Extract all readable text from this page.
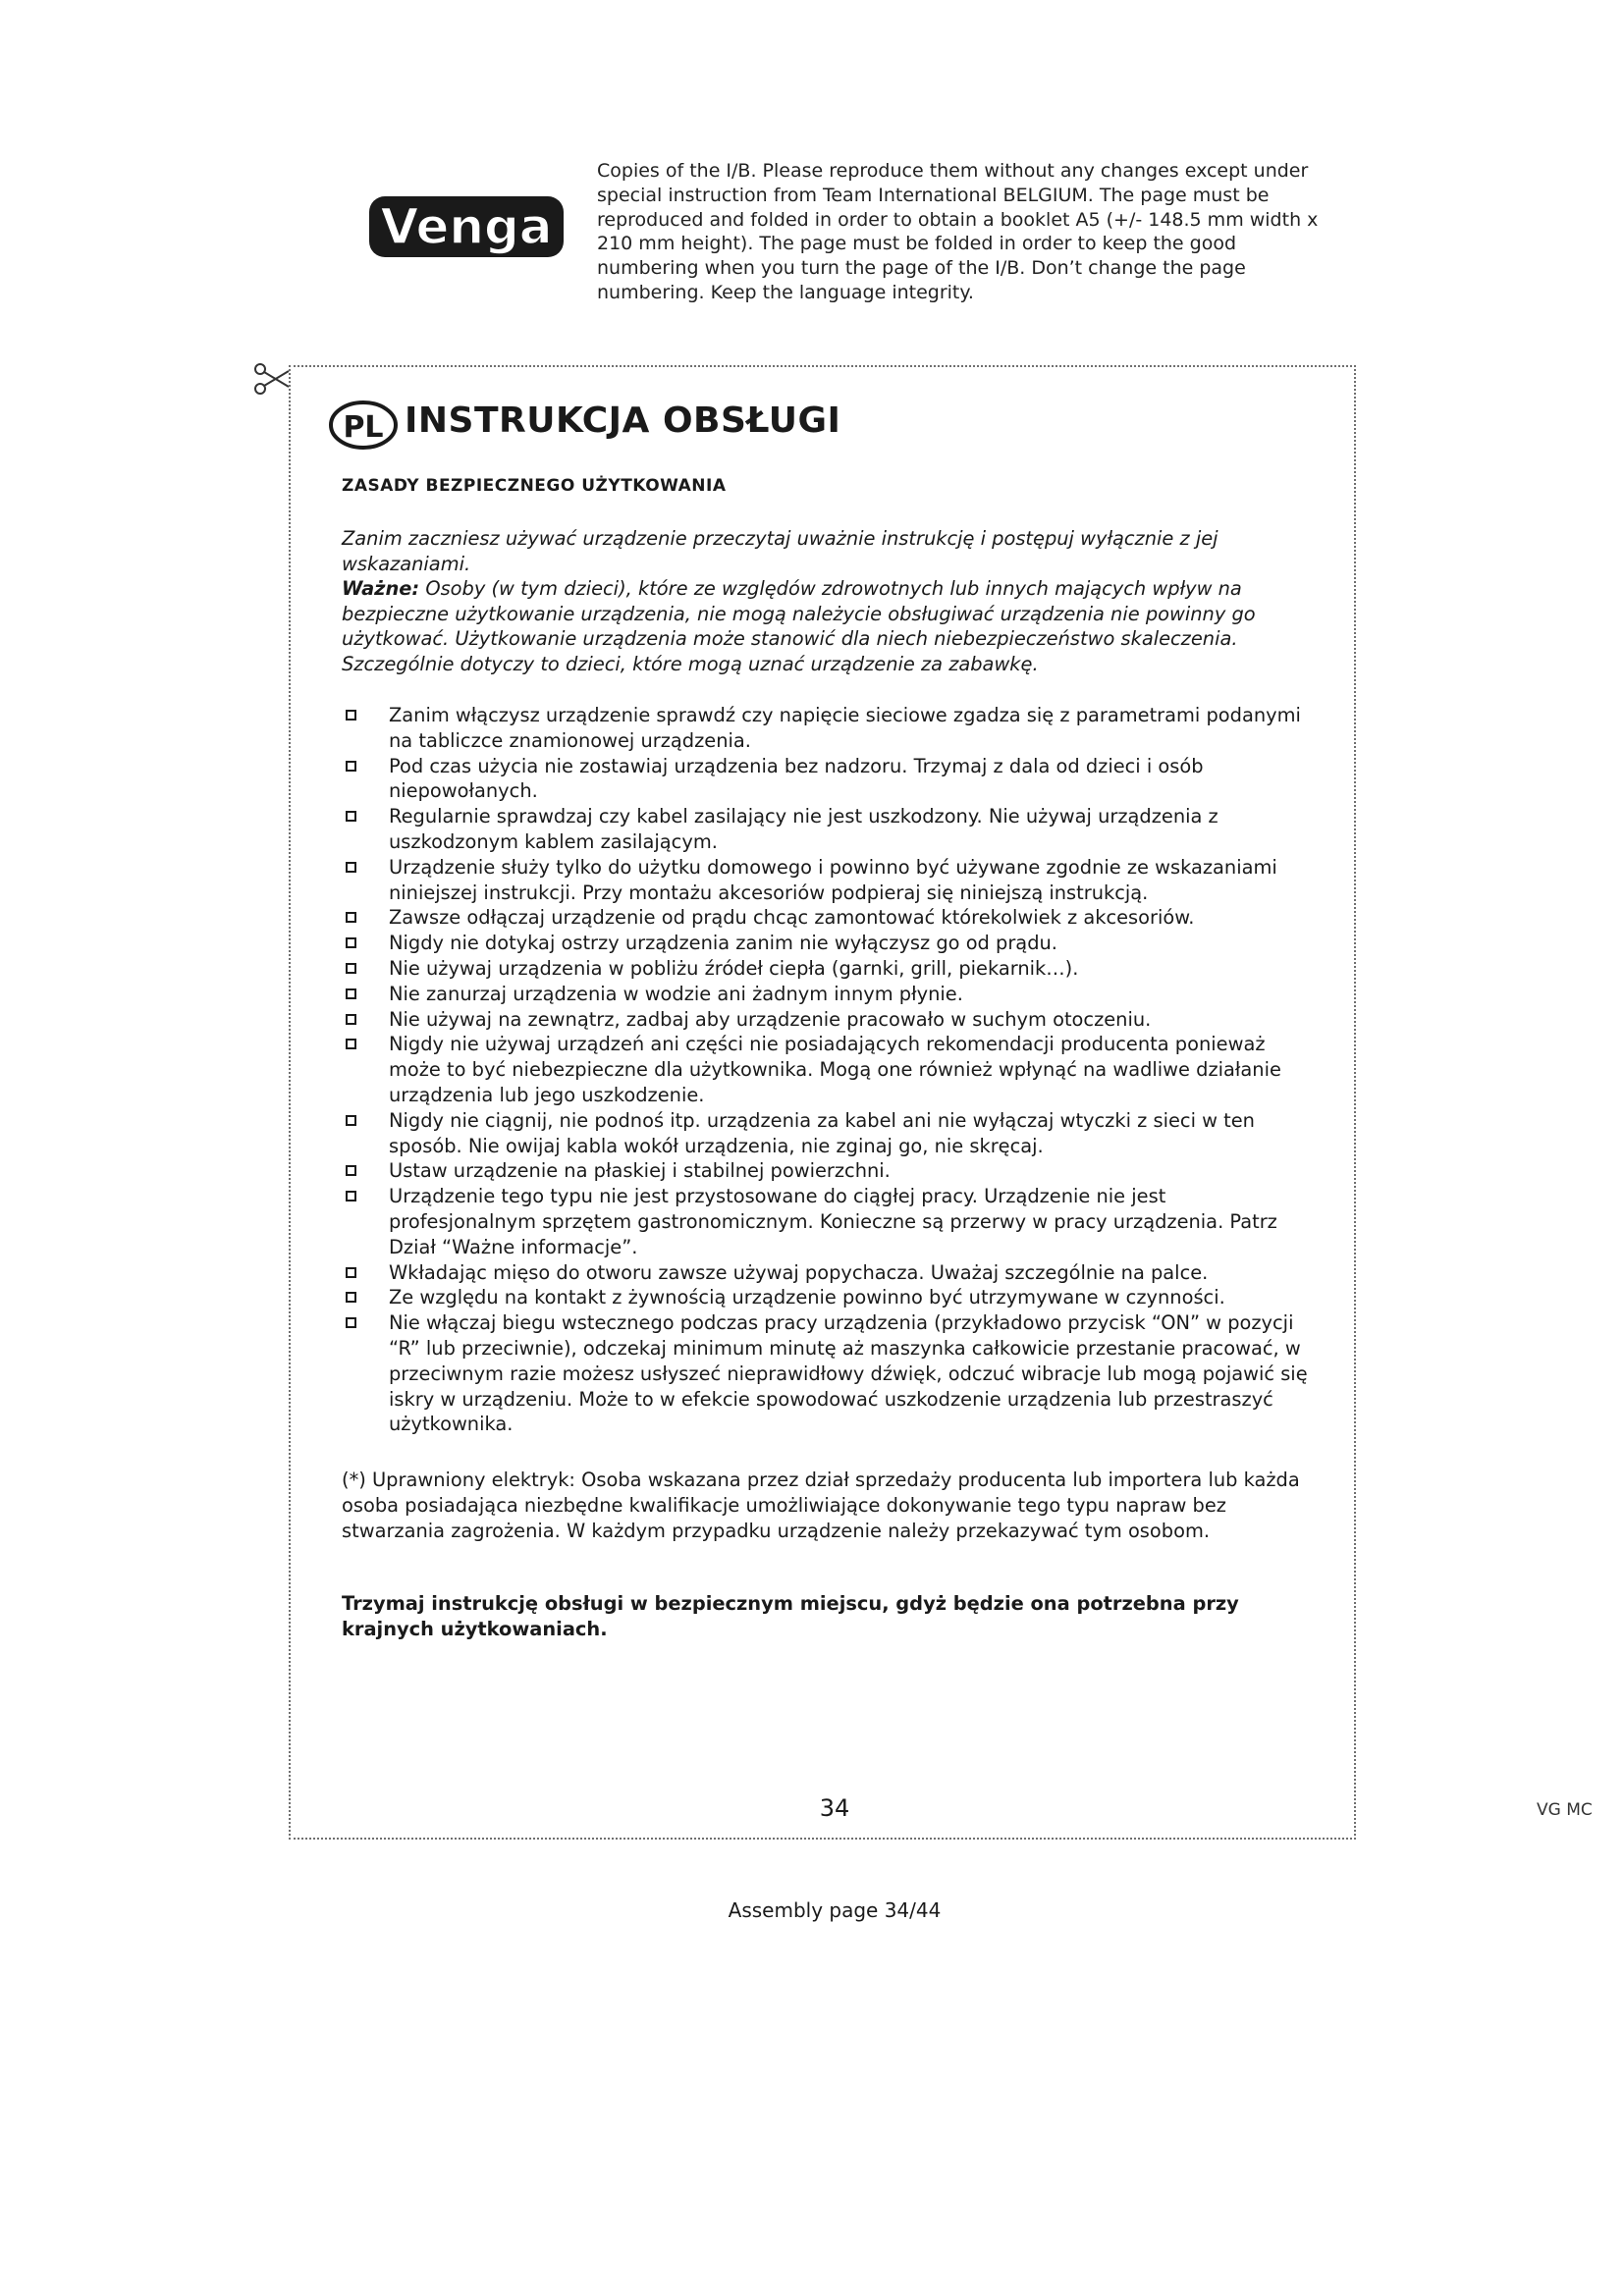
Venga
Copies of the I/B. Please reproduce them without any changes except under special instruction from Team International BELGIUM. The page must be reproduced and folded in order to obtain a booklet A5 (+/- 148.5 mm width x 210 mm height). The page must be folded in order to keep the good numbering when you turn the page of the I/B. Don’t change the page numbering. Keep the language integrity.
PL INSTRUKCJA OBSŁUGI
ZASADY BEZPIECZNEGO UŻYTKOWANIA
Zanim zaczniesz używać urządzenie przeczytaj uważnie instrukcję i postępuj wyłącznie z jej wskazaniami.
Ważne: Osoby (w tym dzieci), które ze względów zdrowotnych lub innych mających wpływ na bezpieczne użytkowanie urządzenia, nie mogą należycie obsługiwać urządzenia nie powinny go użytkować. Użytkowanie urządzenia może stanowić dla niech niebezpieczeństwo skaleczenia. Szczególnie dotyczy to dzieci, które mogą uznać urządzenie za zabawkę.
Zanim włączysz urządzenie sprawdź czy napięcie sieciowe zgadza się z parametrami podanymi na tabliczce znamionowej urządzenia.
Pod czas użycia nie zostawiaj urządzenia bez nadzoru. Trzymaj z dala od dzieci i osób niepowołanych.
Regularnie sprawdzaj czy kabel zasilający nie jest uszkodzony. Nie używaj urządzenia z uszkodzonym kablem zasilającym.
Urządzenie służy tylko do użytku domowego i powinno być używane zgodnie ze wskazaniami niniejszej instrukcji. Przy montażu akcesoriów podpieraj się niniejszą instrukcją.
Zawsze odłączaj urządzenie od prądu chcąc zamontować którekolwiek z akcesoriów.
Nigdy nie dotykaj ostrzy urządzenia zanim nie wyłączysz go od prądu.
Nie używaj urządzenia w pobliżu źródeł ciepła (garnki, grill, piekarnik…).
Nie zanurzaj urządzenia w wodzie ani żadnym innym płynie.
Nie używaj na zewnątrz, zadbaj aby urządzenie pracowało w suchym otoczeniu.
Nigdy nie używaj urządzeń ani części nie posiadających rekomendacji producenta ponieważ może to być niebezpieczne dla użytkownika. Mogą one również wpłynąć na wadliwe działanie urządzenia lub jego uszkodzenie.
Nigdy nie ciągnij, nie podnoś itp. urządzenia za kabel ani nie wyłączaj wtyczki z sieci w ten sposób. Nie owijaj kabla wokół urządzenia, nie zginaj go, nie skręcaj.
Ustaw urządzenie na płaskiej i stabilnej powierzchni.
Urządzenie tego typu nie jest przystosowane do ciągłej pracy. Urządzenie nie jest profesjonalnym sprzętem gastronomicznym. Konieczne są przerwy w pracy urządzenia. Patrz Dział “Ważne informacje”.
Wkładając mięso do otworu zawsze używaj popychacza. Uważaj szczególnie na palce.
Ze względu na kontakt z żywnością urządzenie powinno być utrzymywane w czynności.
Nie włączaj biegu wstecznego podczas pracy urządzenia (przykładowo przycisk “ON” w pozycji “R” lub przeciwnie), odczekaj minimum minutę aż maszynka całkowicie przestanie pracować, w przeciwnym razie możesz usłyszeć nieprawidłowy dźwięk, odczuć wibracje lub mogą pojawić się iskry w urządzeniu. Może to w efekcie spowodować uszkodzenie urządzenia lub przestraszyć użytkownika.
(*) Uprawniony elektryk: Osoba wskazana przez dział sprzedaży producenta lub importera lub każda osoba posiadająca niezbędne kwalifikacje umożliwiające dokonywanie tego typu napraw bez stwarzania zagrożenia. W każdym przypadku urządzenie należy przekazywać tym osobom.
Trzymaj instrukcję obsługi w bezpiecznym miejscu, gdyż będzie ona potrzebna przy krajnych użytkowaniach.
34	VG MC
Assembly page 34/44
